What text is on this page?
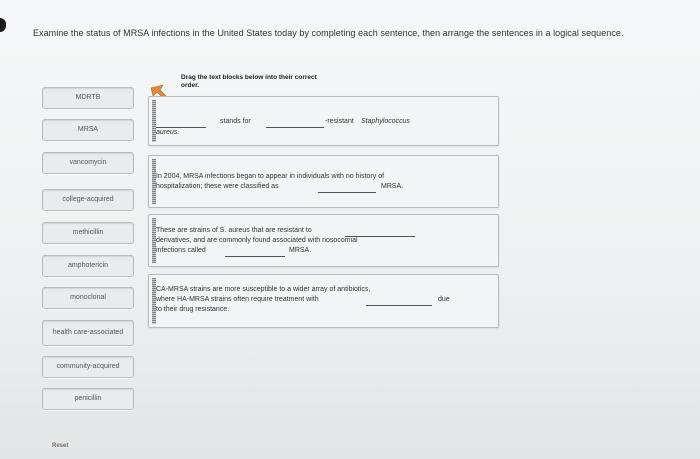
Examine the status of MRSA infections in the United States today by completing each sentence, then arrange the sentences in a logical sequence.
MDRTB
MRSA
vancomycin
college-acquired
methicillin
amphotericin
monoclonal
health care-associated
community-acquired
penicillin
Reset
Drag the text blocks below into their correct order.
stands for	-resistant Staphylococcus
aureus.
In 2004, MRSA infections began to appear in individuals with no history of
hospitalization; these were classified as	MRSA.
These are strains of S. aureus that are resistant to
derivatives, and are commonly found associated with nosocomial
infections called	MRSA.
CA-MRSA strains are more susceptible to a wider array of antibiotics,
where HA-MRSA strains often require treatment with	due
to their drug resistance.
